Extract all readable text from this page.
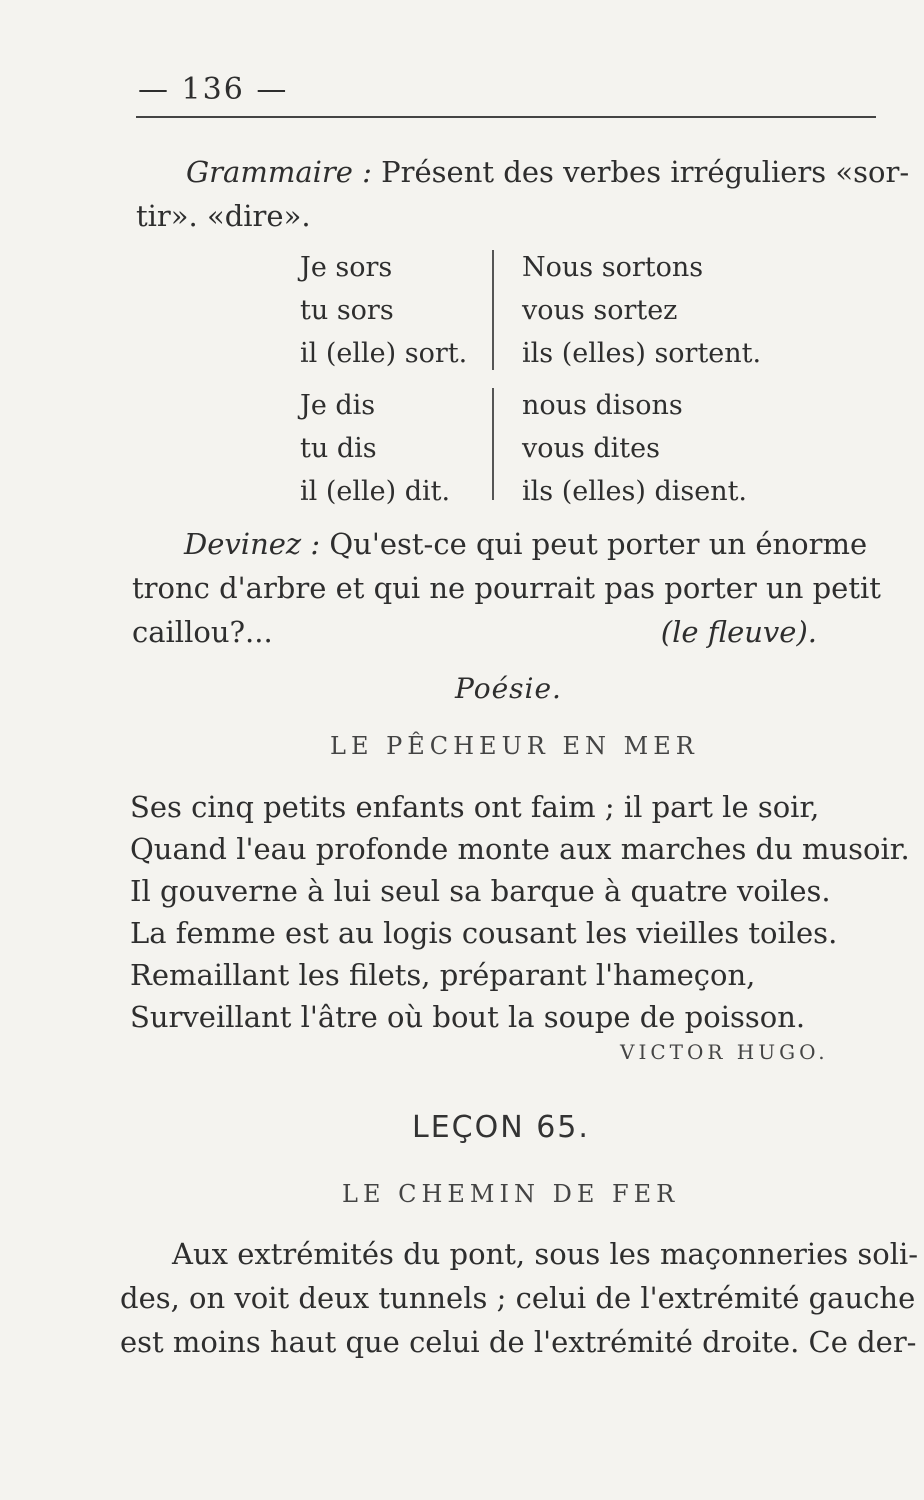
— 136 —
Grammaire : Présent des verbes irréguliers «sor-
tir». «dire».
Je sors
tu sors
il (elle) sort.
Nous sortons
vous sortez
ils (elles) sortent.
Je dis
tu dis
il (elle) dit.
nous disons
vous dites
ils (elles) disent.
Devinez : Qu'est-ce qui peut porter un énorme
tronc d'arbre et qui ne pourrait pas porter un petit
caillou?...	(le fleuve).
Poésie.
LE PÊCHEUR EN MER
Ses cinq petits enfants ont faim ; il part le soir,
Quand l'eau profonde monte aux marches du musoir.
Il gouverne à lui seul sa barque à quatre voiles.
La femme est au logis cousant les vieilles toiles.
Remaillant les filets, préparant l'hameçon,
Surveillant l'âtre où bout la soupe de poisson.
VICTOR HUGO.
LEÇON 65.
LE CHEMIN DE FER
Aux extrémités du pont, sous les maçonneries soli-
des, on voit deux tunnels ; celui de l'extrémité gauche
est moins haut que celui de l'extrémité droite. Ce der-
